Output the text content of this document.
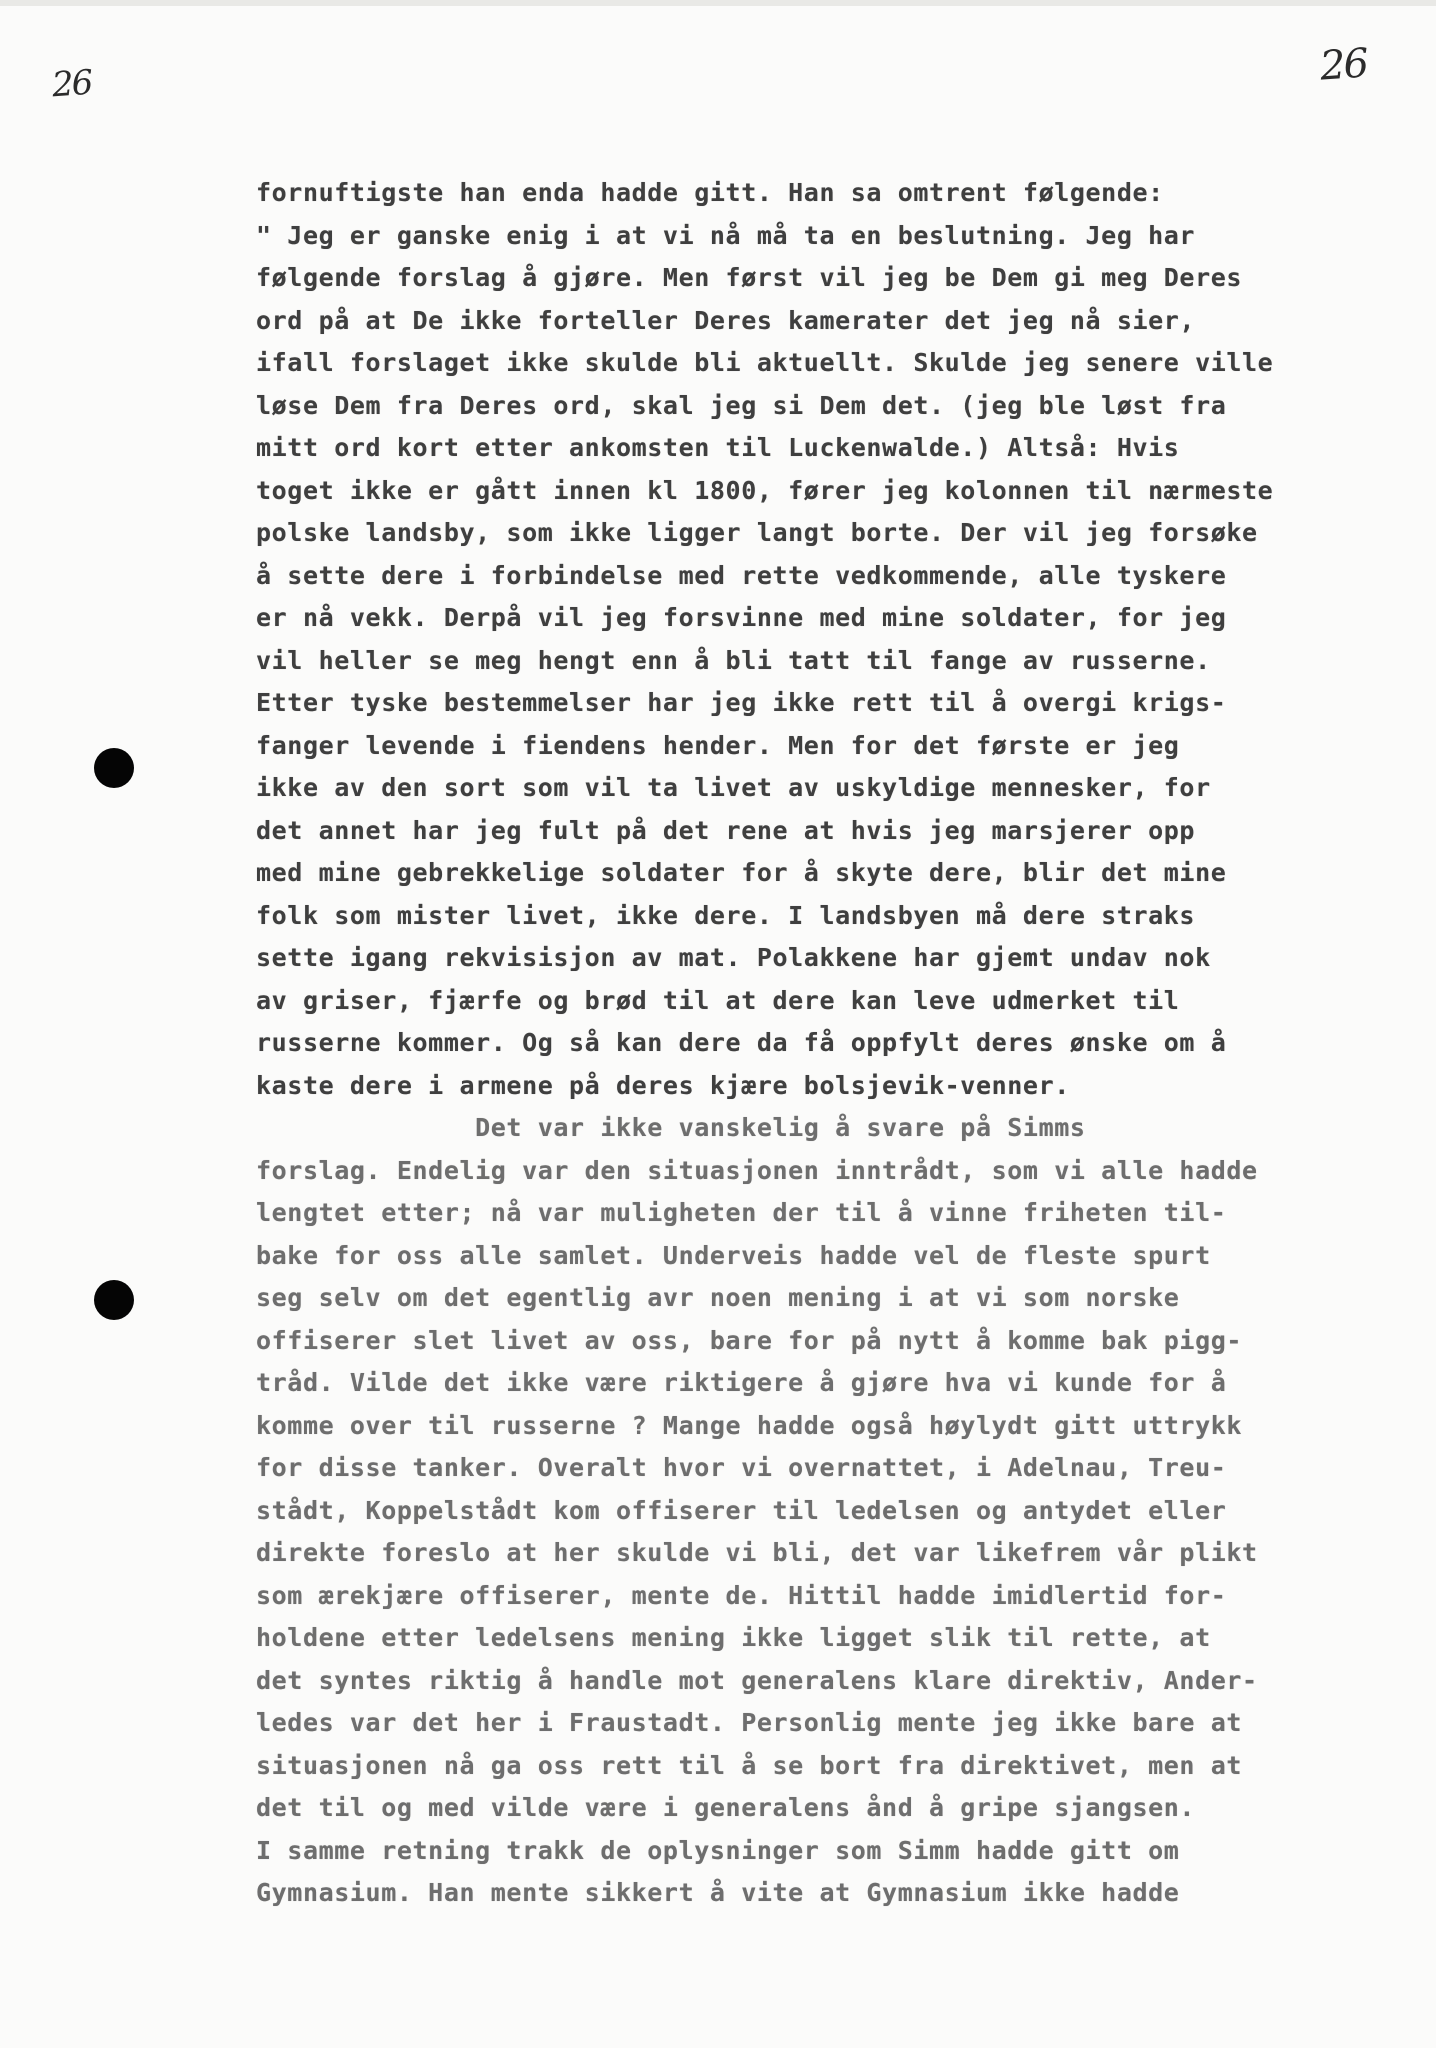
26	26
fornuftigste han enda hadde gitt. Han sa omtrent følgende:
" Jeg er ganske enig i at vi nå må ta en beslutning. Jeg har
følgende forslag å gjøre. Men først vil jeg be Dem gi meg Deres
ord på at De ikke forteller Deres kamerater det jeg nå sier,
ifall forslaget ikke skulde bli aktuellt. Skulde jeg senere ville
løse Dem fra Deres ord, skal jeg si Dem det. (jeg ble løst fra
mitt ord kort etter ankomsten til Luckenwalde.) Altså: Hvis
toget ikke er gått innen kl 1800, fører jeg kolonnen til nærmeste
polske landsby, som ikke ligger langt borte. Der vil jeg forsøke
å sette dere i forbindelse med rette vedkommende, alle tyskere
er nå vekk. Derpå vil jeg forsvinne med mine soldater, for jeg
vil heller se meg hengt enn å bli tatt til fange av russerne.
Etter tyske bestemmelser har jeg ikke rett til å overgi krigs-
fanger levende i fiendens hender. Men for det første er jeg
ikke av den sort som vil ta livet av uskyldige mennesker, for
det annet har jeg fult på det rene at hvis jeg marsjerer opp
med mine gebrekkelige soldater for å skyte dere, blir det mine
folk som mister livet, ikke dere. I landsbyen må dere straks
sette igang rekvisisjon av mat. Polakkene har gjemt undav nok
av griser, fjærfe og brød til at dere kan leve udmerket til
russerne kommer. Og så kan dere da få oppfylt deres ønske om å
kaste dere i armene på deres kjære bolsjevik-venner.
Det var ikke vanskelig å svare på Simms
forslag. Endelig var den situasjonen inntrådt, som vi alle hadde
lengtet etter; nå var muligheten der til å vinne friheten til-
bake for oss alle samlet. Underveis hadde vel de fleste spurt
seg selv om det egentlig avr noen mening i at vi som norske
offiserer slet livet av oss, bare for på nytt å komme bak pigg-
tråd. Vilde det ikke være riktigere å gjøre hva vi kunde for å
komme over til russerne ? Mange hadde også høylydt gitt uttrykk
for disse tanker. Overalt hvor vi overnattet, i Adelnau, Treu-
stådt, Koppelstådt kom offiserer til ledelsen og antydet eller
direkte foreslo at her skulde vi bli, det var likefrem vår plikt
som ærekjære offiserer, mente de. Hittil hadde imidlertid for-
holdene etter ledelsens mening ikke ligget slik til rette, at
det syntes riktig å handle mot generalens klare direktiv, Ander-
ledes var det her i Fraustadt. Personlig mente jeg ikke bare at
situasjonen nå ga oss rett til å se bort fra direktivet, men at
det til og med vilde være i generalens ånd å gripe sjangsen.
I samme retning trakk de oplysninger som Simm hadde gitt om
Gymnasium. Han mente sikkert å vite at Gymnasium ikke hadde
